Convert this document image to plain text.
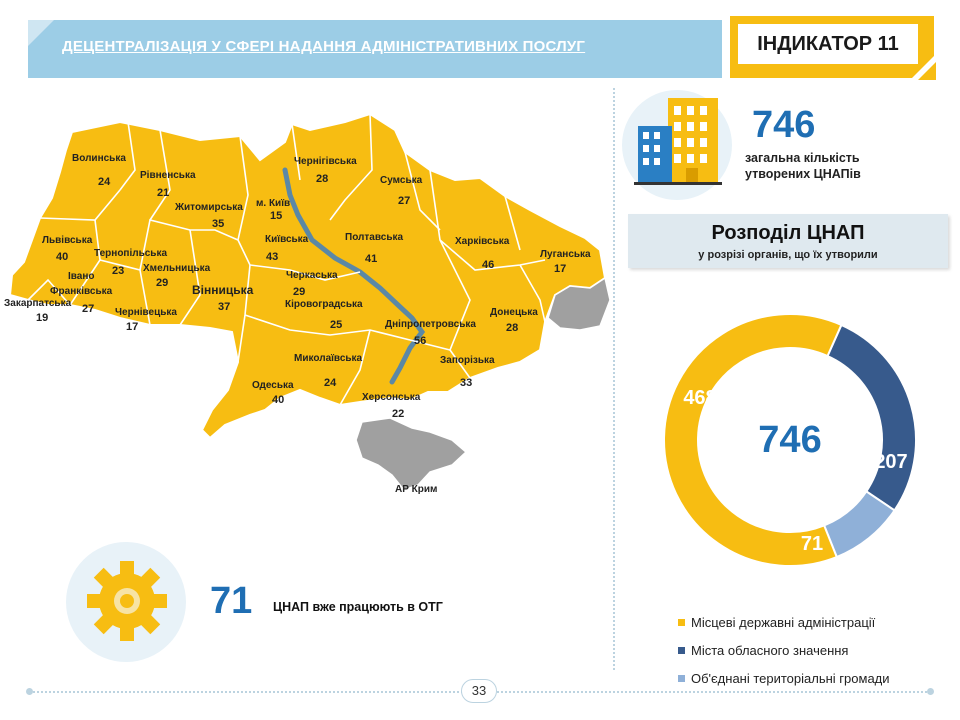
ДЕЦЕНТРАЛІЗАЦІЯ У СФЕРІ НАДАННЯ АДМІНІСТРАТИВНИХ ПОСЛУГ	ІНДИКАТОР 11
746
загальна кількість
утворених ЦНАПів
Розподіл ЦНАП
у розрізі органів, що їх утворили
468
207
71
746
Місцеві державні адміністрації
Міста обласного значення
Об'єднані територіальні громади
71 ЦНАП вже працюють в ОТГ
Волинська
24
Рівненська
21
Житомирська
35
Чернігівська
28	Сумська
27
м. Київ
15
Київська
43
Полтавська
41
Харківська
46
Луганська
17
Львівська
40	Тернопільська
23 Хмельницька
29 Вінницька
37
Черкаська
29
Кіровоградська
25	Дніпропетровська
56
Донецька
28
Івано
Франківська
27
Закарпатська
19	Чернівецька
17
Миколаївська
24
Запорізька
33
Одеська
40	Херсонська
22
АР Крим
33
